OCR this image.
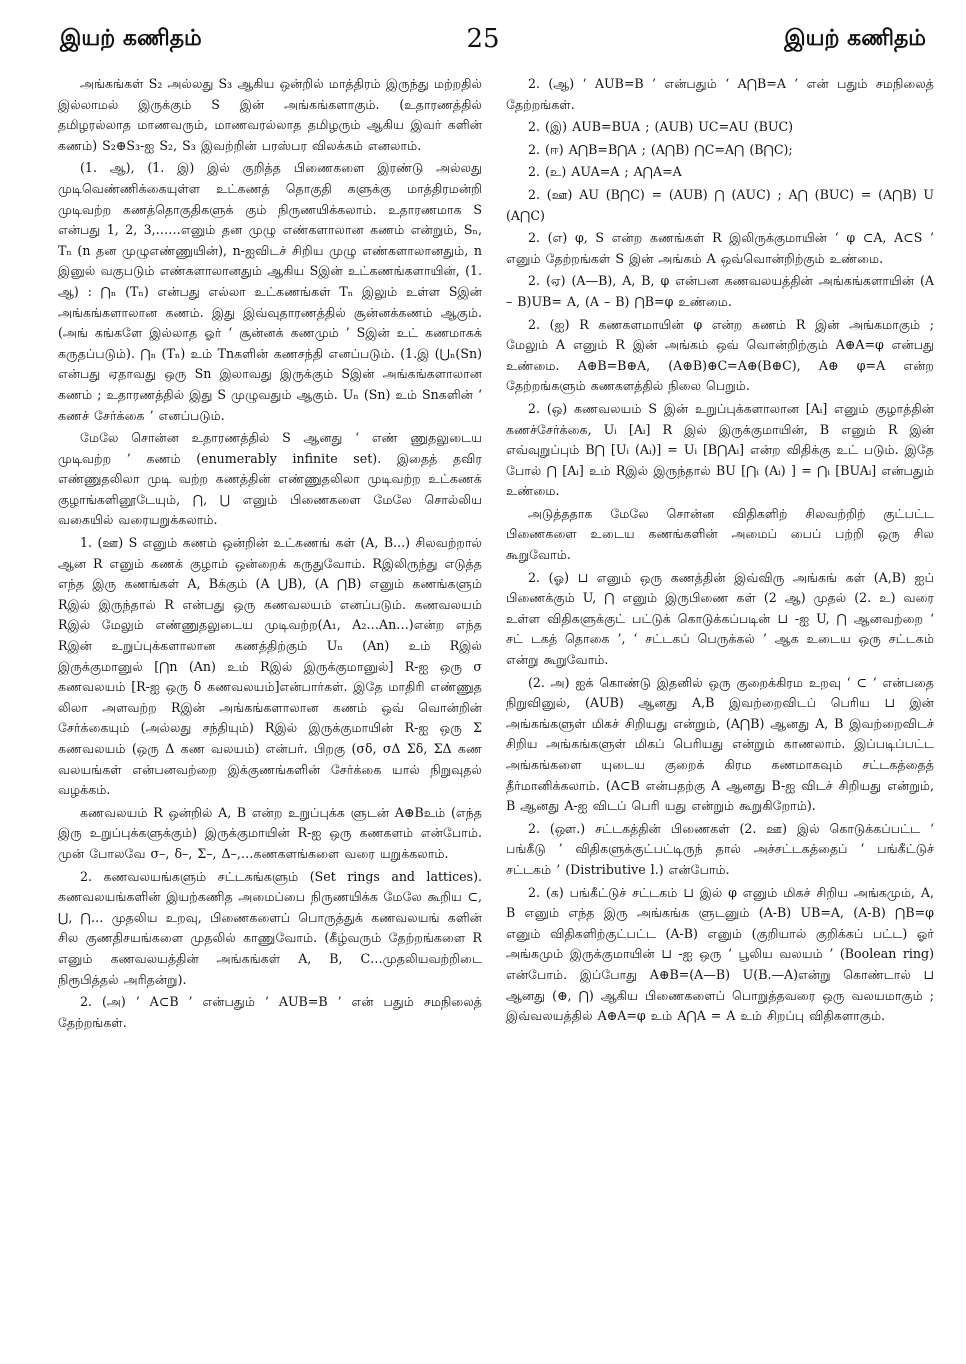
இயற் கணிதம்	25	இயற் கணிதம்

அங்கங்கள் S₂ அல்லது S₃ ஆகிய ஒன்றில் மாத்திரம் இருந்து மற்றதில் இல்லாமல் இருக்கும் S இன் அங்கங்களாகும். (உதாரணத்தில் தமிழரல்லாத மாணவரும், மாணவரல்லாத தமிழரும் ஆகிய இவர் களின் கணம்) S₂⊕S₃-ஐ S₂, S₃ இவற்றின் பரஸ்பர விலக்கம் எனலாம்.

(1. ஆ), (1. இ) இல் குறித்த பிணைகளை இரண்டு அல்லது முடிவெண்ணிக்கையுள்ள உட்கணத் தொகுதி களுக்கு மாத்திரமன்றி முடிவற்ற கணத்தொகுதிகளுக் கும் நிருணயிக்கலாம். உதாரணமாக S என்பது 1, 2, 3,……எனும் தன முழு எண்களாலான கணம் என்றும், Sₙ, Tₙ (n தன முழுஎண்ணுயின்), n-ஐவிடச் சிறிய முழு எண்களாலானதும், n இனுல் வகுபடும் எண்களாலானதும் ஆகிய Sஇன் உட்கணங்களாயின், (1. ஆ) : ⋂ₙ (Tₙ) என்பது எல்லா உட்கணங்கள் Tₙ இலும் உள்ள Sஇன் அங்கங்களாலான கணம். இது இவ்வுதாரணத்தில் சூன்னக்கணம் ஆகும். (அங் கங்களே இல்லாத ஓர் ‘ சூன்னக் கணமும் ’ Sஇன் உட் கணமாகக் கருதப்படும்). ⋂ₙ (Tₙ) உம் Tnகளின் கணசந்தி எனப்படும். (1.இ (⋃ₙ(Sn) என்பது ஏதாவது ஒரு Sn இலாவது இருக்கும் Sஇன் அங்கங்களாலான கணம் ; உதாரணத்தில் இது S முழுவதும் ஆகும். Uₙ (Sn) உம் Snகளின் ‘ கணச் சேர்க்கை ’ எனப்படும்.

மேலே சொன்ன உதாரணத்தில் S ஆனது ‘ எண் ணுதலுடைய முடிவற்ற ’ கணம் (enumerably infinite set). இதைத் தவிர எண்ணுதலிலா முடி வற்ற கணத்தின் எண்ணுதலிலா முடிவற்ற உட்கணக் குழாங்களினூடேயும், ⋂, ⋃ எனும் பிணைகளை மேலே சொல்லிய வகையில் வரையறுக்கலாம்.

1. (ஊ) S எனும் கணம் ஒன்றின் உட்கணங் கள் (A, B...) சிலவற்றால் ஆன R எனும் கணக் குழாம் ஒன்றைக் கருதுவோம். Rஇலிருந்து எடுத்த எந்த இரு கணங்கள் A, Bக்கும் (A ⋃B), (A ⋂B) எனும் கணங்களும் Rஇல் இருந்தால் R என்பது ஒரு கணவலயம் எனப்படும். கணவலயம் Rஇல் மேலும் எண்ணுதலுடைய முடிவற்ற(A₁, A₂…An…)என்ற எந்த Rஇன் உறுப்புக்களாலான கணத்திற்கும் Uₙ (An) உம் Rஇல் இருக்குமானுல் [⋂n (An) உம் Rஇல் இருக்குமானுல்] R-ஐ ஒரு σ கணவலயம் [R-ஐ ஒரு δ கணவலயம்]என்பார்கள். இதே மாதிரி எண்ணுத லிலா அளவற்ற Rஇன் அங்கங்களாலான கணம் ஒவ் வொன்றின் சேர்க்கையும் (அல்லது சந்தியும்) Rஇல் இருக்குமாயின் R-ஐ ஒரு Σ கணவலயம் (ஒரு Δ கண வலயம்) என்பர். பிறகு (σδ, σΔ Σδ, ΣΔ கண வலயங்கள் என்பனவற்றை இக்குணங்களின் சேர்க்கை யால் நிறுவுதல் வழக்கம்.

கணவலயம் R ஒன்றில் A, B என்ற உறுப்புக்க ளுடன் A⊕Bஉம் (எந்த இரு உறுப்புக்களுக்கும்) இருக்குமாயின் R-ஐ ஒரு கணகளம் என்போம். முன் போலவே σ–, δ–, Σ–, Δ–,…கணகளங்களை வரை யறுக்கலாம்.

2. கணவலயங்களும் சட்டகங்களும் (Set rings and lattices). கணவலயங்களின் இயற்கணித அமைப்பை நிருணயிக்க மேலே கூறிய ⊂, ⋃, ⋂… முதலிய உறவு, பிணைகளைப் பொருத்துக் கணவலயங் களின் சில குணதிசயங்களை முதலில் காணுவோம். (கீழ்வரும் தேற்றங்களை R எனும் கணவலயத்தின் அங்கங்கள் A, B, C…முதலியவற்றிடை நிரூபித்தல் அரிதன்று).

2. (அ) ‘ A⊂B ’ என்பதும் ‘ AUB=B ’ என் பதும் சமநிலைத் தேற்றங்கள்.

2. (ஆ) ‘ AUB=B ’ என்பதும் ‘ A⋂B=A ’ என் பதும் சமநிலைத் தேற்றங்கள்.

2. (இ) AUB=BUA ; (AUB) UC=AU (BUC)

2. (ஈ) A⋂B=B⋂A ; (A⋂B) ⋂C=A⋂ (B⋂C);

2. (உ) AUA=A ; A⋂A=A

2. (ஊ) AU (B⋂C) = (AUB) ⋂ (AUC) ; A⋂ (BUC) = (A⋂B) U (A⋂C)

2. (எ) φ, S என்ற கணங்கள் R இலிருக்குமாயின் ‘ φ ⊂A, A⊂S ’ எனும் தேற்றங்கள் S இன் அங்கம் A ஒவ்வொன்றிற்கும் உண்மை.

2. (ஏ) (A—B), A, B, φ என்பன கணவலயத்தின் அங்கங்களாயின் (A – B)UB= A, (A – B) ⋂B=φ உண்மை.

2. (ஐ) R கணகளமாயின் φ என்ற கணம் R இன் அங்கமாகும் ; மேலும் A எனும் R இன் அங்கம் ஒவ் வொன்றிற்கும் A⊕A=φ என்பது உண்மை. A⊕B=B⊕A, (A⊕B)⊕C=A⊕(B⊕C), A⊕ φ=A என்ற தேற்றங்களும் கணகளத்தில் நிலை பெறும்.

2. (ஒ) கணவலயம் S இன் உறுப்புக்களாலான [Aᵢ] எனும் குழாத்தின் கணச்சேர்க்கை, Uᵢ [Aᵢ] R இல் இருக்குமாயின், B எனும் R இன் எவ்வுறுப்பும் B⋂ [Uᵢ (Aᵢ)] = Uᵢ [B⋂Aᵢ] என்ற விதிக்கு உட் படும். இதே போல் ⋂ [Aᵢ] உம் Rஇல் இருந்தால் BU [⋂ᵢ (Aᵢ) ] = ⋂ᵢ [BUAᵢ] என்பதும் உண்மை.

அடுத்ததாக மேலே சொன்ன விதிகளிற் சிலவற்றிற் குட்பட்ட பிணைகளை உடைய கணங்களின் அமைப் பைப் பற்றி ஒரு சில கூறுவோம்.

2. (ஓ) ⊔ எனும் ஒரு கணத்தின் இவ்விரு அங்கங் கள் (A,B) ஐப் பிணைக்கும் U, ⋂ எனும் இருபிணை கள் (2 ஆ) முதல் (2. உ) வரை உள்ள விதிகளுக்குட் பட்டுக் கொடுக்கப்படின் ⊔ -ஐ U, ⋂ ஆனவற்றை ‘ சட் டகத் தொகை ’, ‘ சட்டகப் பெருக்கல் ’ ஆக உடைய ஒரு சட்டகம் என்று கூறுவோம்.

(2. அ) ஐக் கொண்டு இதனில் ஒரு குறைக்கிரம உறவு ‘ ⊂ ’ என்பதை நிறுவினுல், (AUB) ஆனது A,B இவற்றைவிடப் பெரிய ⊔ இன் அங்கங்களுள் மிகச் சிறியது என்றும், (A⋂B) ஆனது A, B இவற்றைவிடச் சிறிய அங்கங்களுள் மிகப் பெரியது என்றும் காணலாம். இப்படிப்பட்ட அங்கங்களை யுடைய குறைக் கிரம கணமாகவும் சட்டகத்தைத் தீர்மானிக்கலாம். (A⊂B என்பதற்கு A ஆனது B-ஐ விடச் சிறியது என்றும், B ஆனது A-ஐ விடப் பெரி யது என்றும் கூறுகிறோம்).

2. (ஔ.) சட்டகத்தின் பிணைகள் (2. ஊ) இல் கொடுக்கப்பட்ட ‘ பங்கீடு ’ விதிகளுக்குட்பட்டிருந் தால் அச்சட்டகத்தைப் ‘ பங்கீட்டுச் சட்டகம் ’ (Distributive l.) என்போம்.

2. (க) பங்கீட்டுச் சட்டகம் ⊔ இல் φ எனும் மிகச் சிறிய அங்கமும், A, B எனும் எந்த இரு அங்கங்க ளுடனும் (A-B) UB=A, (A-B) ⋂B=φ எனும் விதிகளிற்குட்பட்ட (A-B) எனும் (குறியால் குறிக்கப் பட்ட) ஓர் அங்கமும் இருக்குமாயின் ⊔ -ஐ ஒரு ‘ பூலிய வலயம் ’ (Boolean ring) என்போம். இப்போது A⊕B=(A—B) U(B.—A)என்று கொண்டால் ⊔ ஆனது (⊕, ⋂) ஆகிய பிணைகளைப் பொறுத்தவரை ஒரு வலயமாகும் ; இவ்வலயத்தில் A⊕A=φ உம் A⋂A = A உம் சிறப்பு விதிகளாகும்.
